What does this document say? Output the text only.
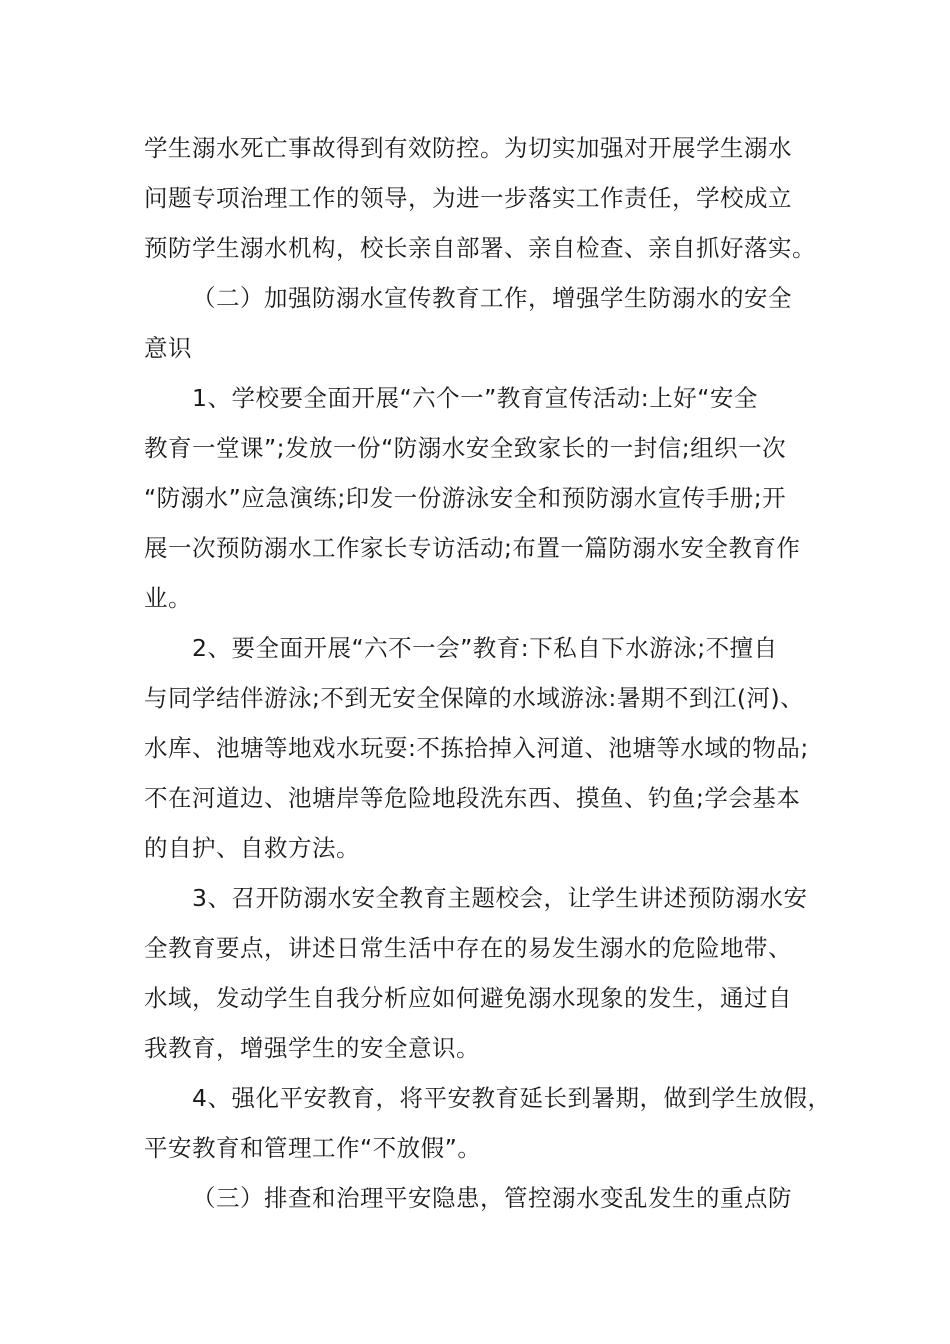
学生溺水死亡事故得到有效防控。为切实加强对开展学生溺水
问题专项治理工作的领导，为进一步落实工作责任，学校成立
预防学生溺水机构，校长亲自部署、亲自检查、亲自抓好落实。
（二）加强防溺水宣传教育工作，增强学生防溺水的安全
意识
1、学校要全面开展“六个一”教育宣传活动:上好“安全
教育一堂课”;发放一份“防溺水安全致家长的一封信;组织一次
“防溺水”应急演练;印发一份游泳安全和预防溺水宣传手册;开
展一次预防溺水工作家长专访活动;布置一篇防溺水安全教育作
业。
2、要全面开展“六不一会”教育:下私自下水游泳;不擅自
与同学结伴游泳;不到无安全保障的水域游泳:暑期不到江(河)、
水库、池塘等地戏水玩耍:不拣拾掉入河道、池塘等水域的物品;
不在河道边、池塘岸等危险地段洗东西、摸鱼、钓鱼;学会基本
的自护、自救方法。
3、召开防溺水安全教育主题校会，让学生讲述预防溺水安
全教育要点，讲述日常生活中存在的易发生溺水的危险地带、
水域，发动学生自我分析应如何避免溺水现象的发生，通过自
我教育，增强学生的安全意识。
4、强化平安教育，将平安教育延长到暑期，做到学生放假，
平安教育和管理工作“不放假”。
（三）排查和治理平安隐患，管控溺水变乱发生的重点防
